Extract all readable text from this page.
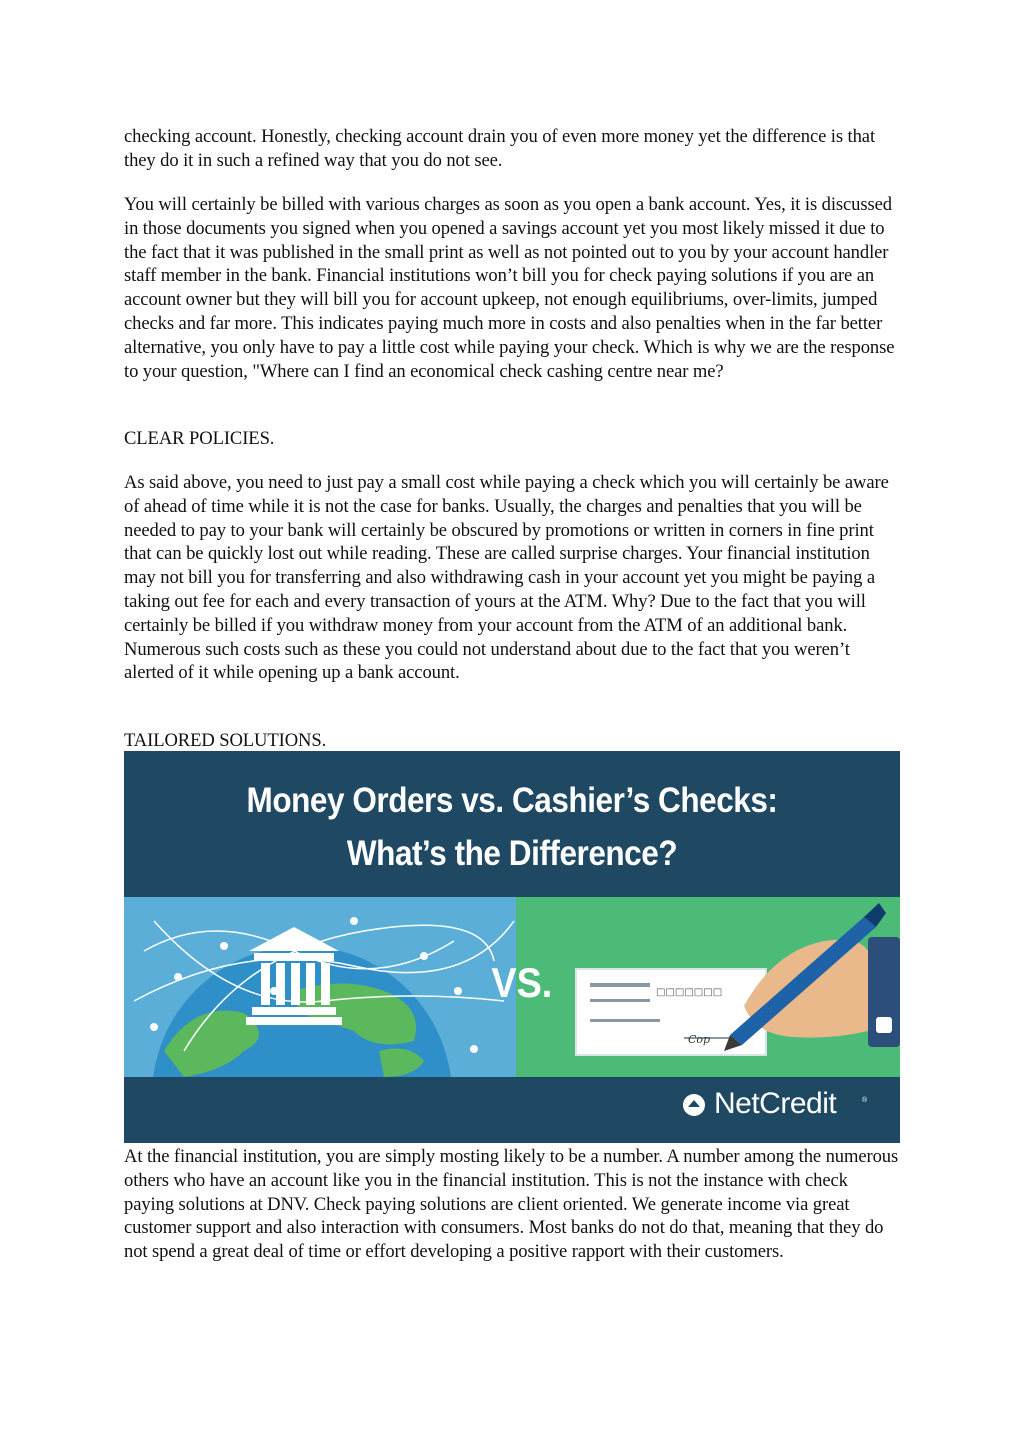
checking account. Honestly, checking account drain you of even more money yet the difference is that they do it in such a refined way that you do not see.

You will certainly be billed with various charges as soon as you open a bank account. Yes, it is discussed in those documents you signed when you opened a savings account yet you most likely missed it due to the fact that it was published in the small print as well as not pointed out to you by your account handler staff member in the bank. Financial institutions won’t bill you for check paying solutions if you are an account owner but they will bill you for account upkeep, not enough equilibriums, over-limits, jumped checks and far more. This indicates paying much more in costs and also penalties when in the far better alternative, you only have to pay a little cost while paying your check. Which is why we are the response to your question, "Where can I find an economical check cashing centre near me?

CLEAR POLICIES.

As said above, you need to just pay a small cost while paying a check which you will certainly be aware of ahead of time while it is not the case for banks. Usually, the charges and penalties that you will be needed to pay to your bank will certainly be obscured by promotions or written in corners in fine print that can be quickly lost out while reading. These are called surprise charges. Your financial institution may not bill you for transferring and also withdrawing cash in your account yet you might be paying a taking out fee for each and every transaction of yours at the ATM. Why? Due to the fact that you will certainly be billed if you withdraw money from your account from the ATM of an additional bank. Numerous such costs such as these you could not understand about due to the fact that you weren’t alerted of it while opening up a bank account.

TAILORED SOLUTIONS.

Money Orders vs. Cashier’s Checks:
What’s the Difference?
VS.	□□□□□□□
Cop
NetCredit	®

At the financial institution, you are simply mosting likely to be a number. A number among the numerous others who have an account like you in the financial institution. This is not the instance with check paying solutions at DNV. Check paying solutions are client oriented. We generate income via great customer support and also interaction with consumers. Most banks do not do that, meaning that they do not spend a great deal of time or effort developing a positive rapport with their customers.
